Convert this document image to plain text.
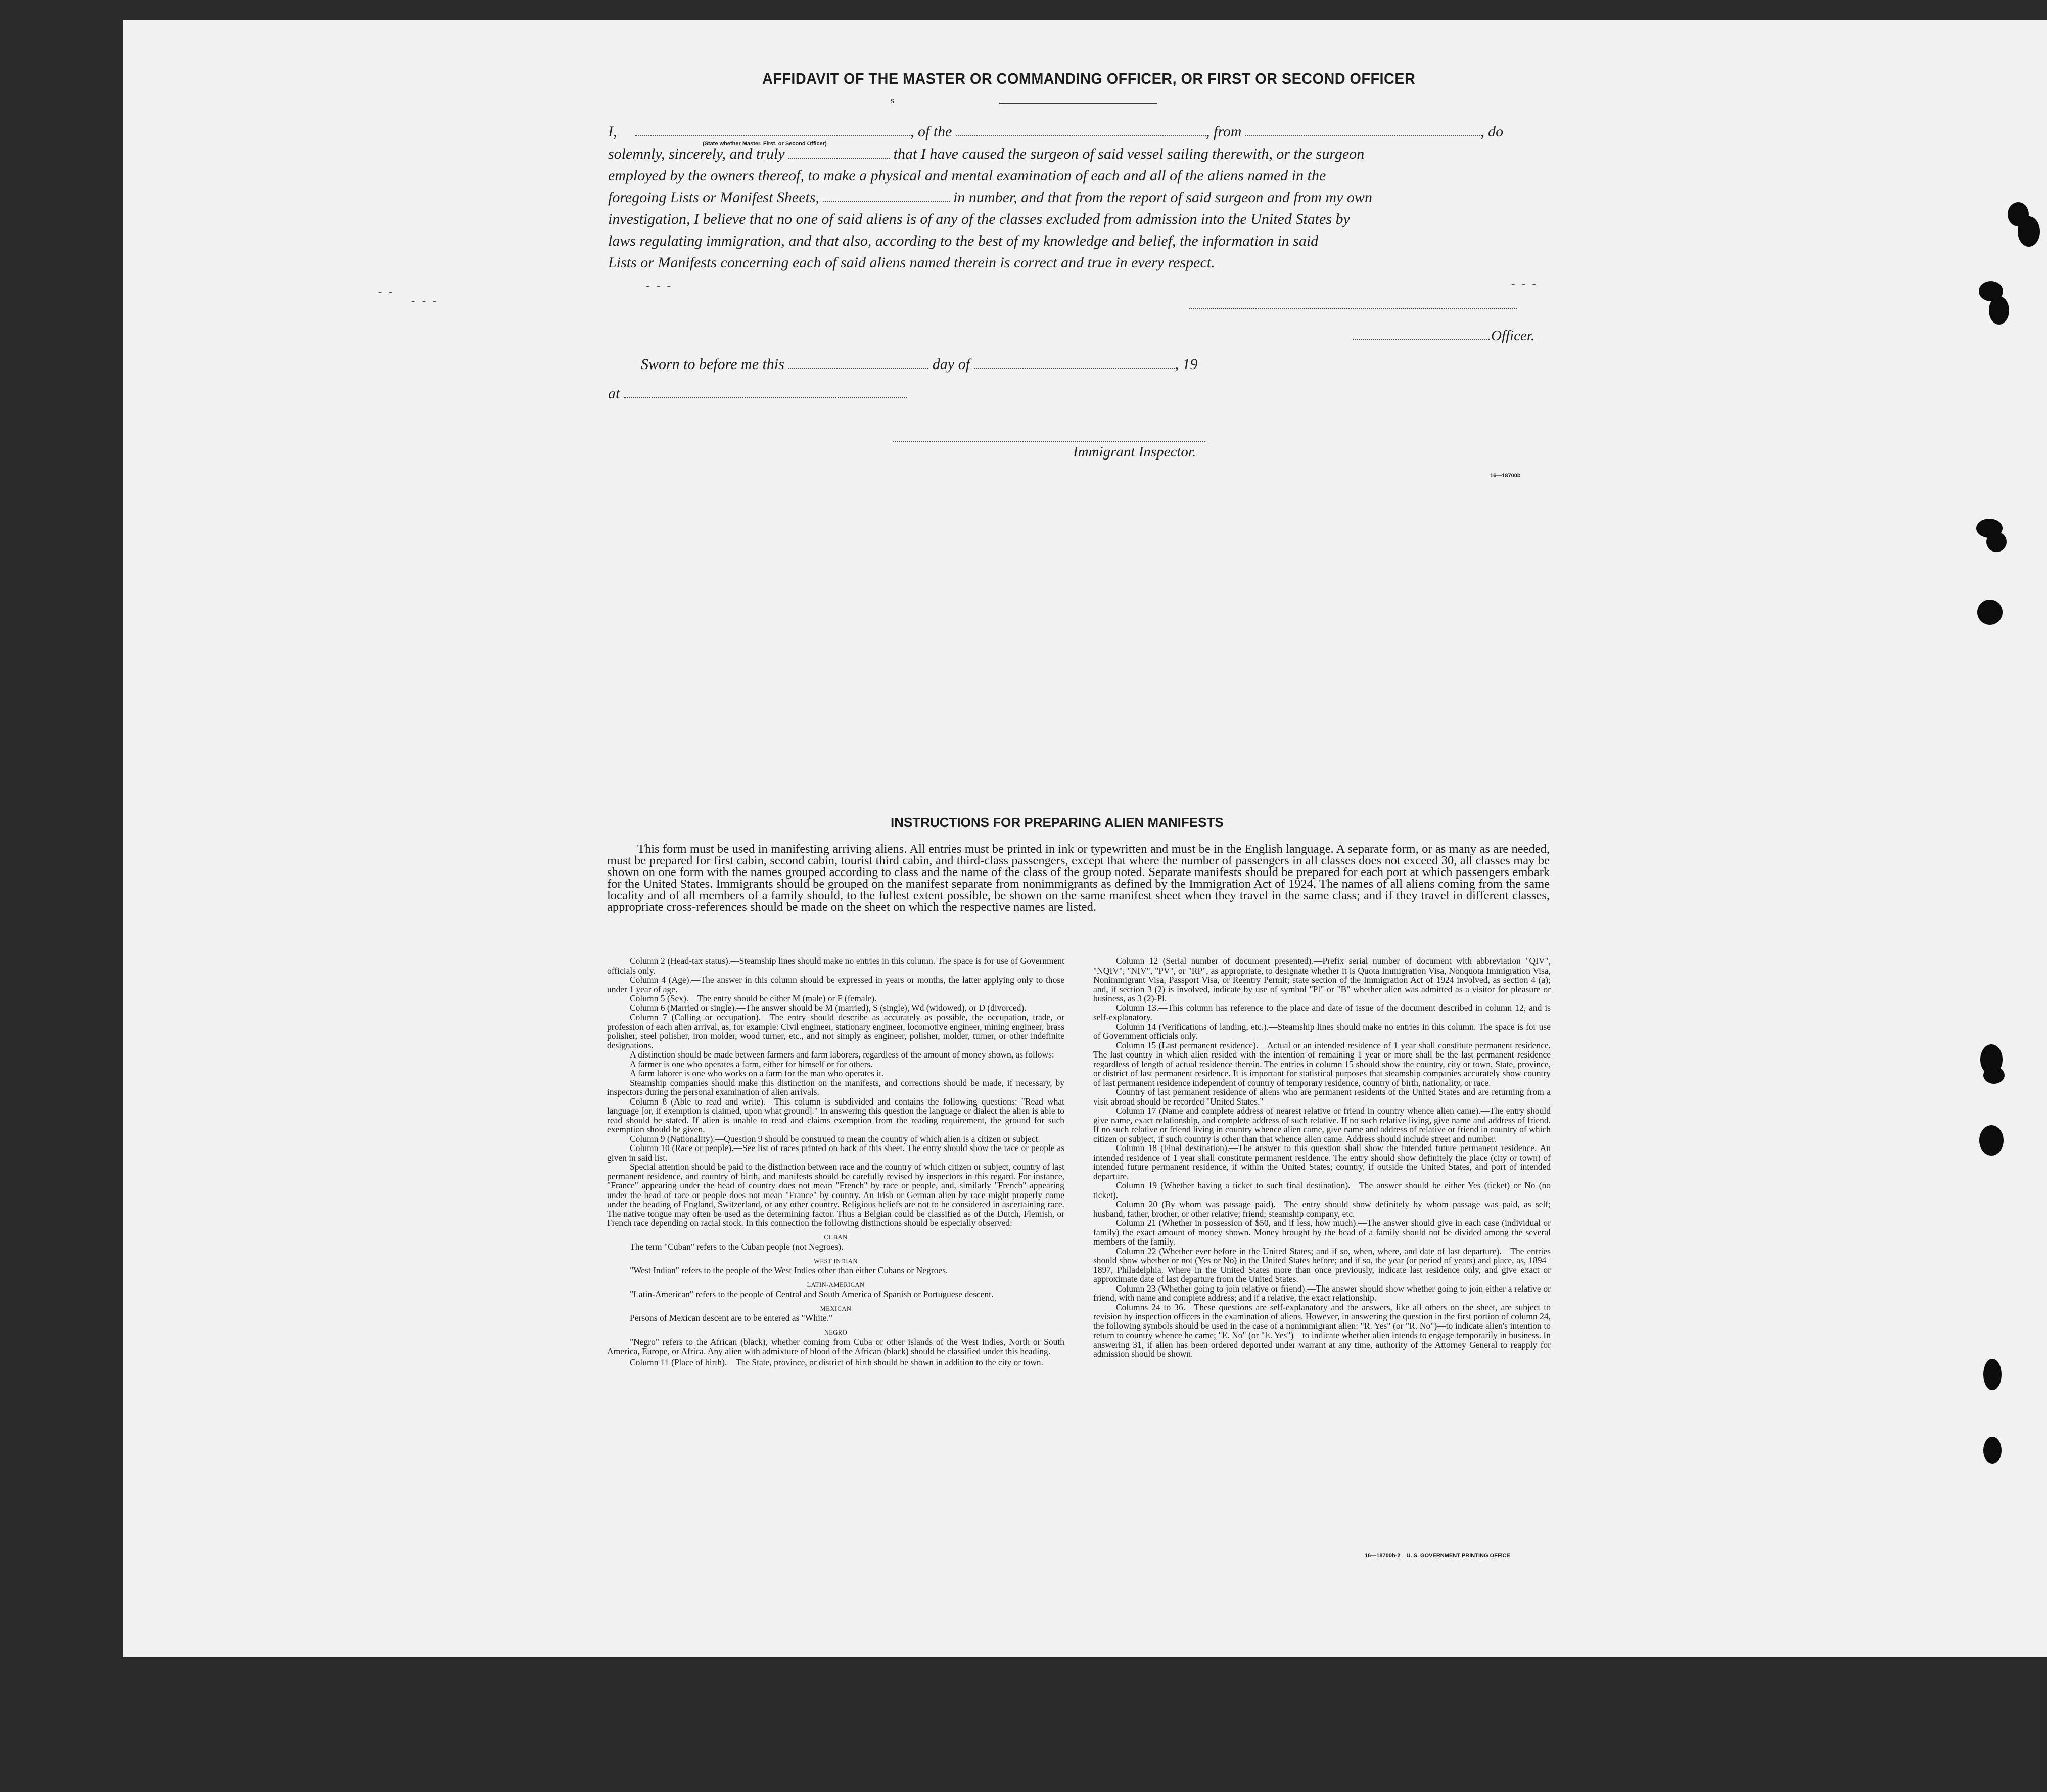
AFFIDAVIT OF THE MASTER OR COMMANDING OFFICER, OR FIRST OR SECOND OFFICER
s
I,	, of the	, from	, do
(State whether Master, First, or Second Officer)
solemnly, sincerely, and truly	that I have caused the surgeon of said vessel sailing therewith, or the surgeon
employed by the owners thereof, to make a physical and mental examination of each and all of the aliens named in the
foregoing Lists or Manifest Sheets,	in number, and that from the report of said surgeon and from my own
investigation, I believe that no one of said aliens is of any of the classes excluded from admission into the United States by
laws regulating immigration, and that also, according to the best of my knowledge and belief, the information in said
Lists or Manifests concerning each of said aliens named therein is correct and true in every respect.
- - -	- - -
- -
- - -
Officer.
Sworn to before me this	day of	, 19
at
Immigrant Inspector.
16—18700b
INSTRUCTIONS FOR PREPARING ALIEN MANIFESTS
This form must be used in manifesting arriving aliens. All entries must be printed in ink or typewritten and must be in the English language. A separate form, or as many as are needed, must be prepared for first cabin, second cabin, tourist third cabin, and third-class passengers, except that where the number of passengers in all classes does not exceed 30, all classes may be shown on one form with the names grouped according to class and the name of the class of the group noted. Separate manifests should be prepared for each port at which passengers embark for the United States. Immigrants should be grouped on the manifest separate from nonimmigrants as defined by the Immigration Act of 1924. The names of all aliens coming from the same locality and of all members of a family should, to the fullest extent possible, be shown on the same manifest sheet when they travel in the same class; and if they travel in different classes, appropriate cross-references should be made on the sheet on which the respective names are listed.

Column 2 (Head-tax status).—Steamship lines should make no entries in this column. The space is for use of Government officials only.

Column 4 (Age).—The answer in this column should be expressed in years or months, the latter applying only to those under 1 year of age.

Column 5 (Sex).—The entry should be either M (male) or F (female).

Column 6 (Married or single).—The answer should be M (married), S (single), Wd (widowed), or D (divorced).

Column 7 (Calling or occupation).—The entry should describe as accurately as possible, the occupation, trade, or profession of each alien arrival, as, for example: Civil engineer, stationary engineer, locomotive engineer, mining engineer, brass polisher, steel polisher, iron molder, wood turner, etc., and not simply as engineer, polisher, molder, turner, or other indefinite designations.

A distinction should be made between farmers and farm laborers, regardless of the amount of money shown, as follows:

A farmer is one who operates a farm, either for himself or for others.

A farm laborer is one who works on a farm for the man who operates it.

Steamship companies should make this distinction on the manifests, and corrections should be made, if necessary, by inspectors during the personal examination of alien arrivals.

Column 8 (Able to read and write).—This column is subdivided and contains the following questions: "Read what language [or, if exemption is claimed, upon what ground]." In answering this question the language or dialect the alien is able to read should be stated. If alien is unable to read and claims exemption from the reading requirement, the ground for such exemption should be given.

Column 9 (Nationality).—Question 9 should be construed to mean the country of which alien is a citizen or subject.

Column 10 (Race or people).—See list of races printed on back of this sheet. The entry should show the race or people as given in said list.

Special attention should be paid to the distinction between race and the country of which citizen or subject, country of last permanent residence, and country of birth, and manifests should be carefully revised by inspectors in this regard. For instance, "France" appearing under the head of country does not mean "French" by race or people, and, similarly "French" appearing under the head of race or people does not mean "France" by country. An Irish or German alien by race might properly come under the heading of England, Switzerland, or any other country. Religious beliefs are not to be considered in ascertaining race. The native tongue may often be used as the determining factor. Thus a Belgian could be classified as of the Dutch, Flemish, or French race depending on racial stock. In this connection the following distinctions should be especially observed:

CUBAN

The term "Cuban" refers to the Cuban people (not Negroes).

WEST INDIAN

"West Indian" refers to the people of the West Indies other than either Cubans or Negroes.

LATIN-AMERICAN

"Latin-American" refers to the people of Central and South America of Spanish or Portuguese descent.

MEXICAN

Persons of Mexican descent are to be entered as "White."

NEGRO

"Negro" refers to the African (black), whether coming from Cuba or other islands of the West Indies, North or South America, Europe, or Africa. Any alien with admixture of blood of the African (black) should be classified under this heading.

Column 11 (Place of birth).—The State, province, or district of birth should be shown in addition to the city or town.

Column 12 (Serial number of document presented).—Prefix serial number of document with abbreviation "QIV", "NQIV", "NIV", "PV", or "RP", as appropriate, to designate whether it is Quota Immigration Visa, Nonquota Immigration Visa, Nonimmigrant Visa, Passport Visa, or Reentry Permit; state section of the Immigration Act of 1924 involved, as section 4 (a); and, if section 3 (2) is involved, indicate by use of symbol "Pl" or "B" whether alien was admitted as a visitor for pleasure or business, as 3 (2)-Pl.

Column 13.—This column has reference to the place and date of issue of the document described in column 12, and is self-explanatory.

Column 14 (Verifications of landing, etc.).—Steamship lines should make no entries in this column. The space is for use of Government officials only.

Column 15 (Last permanent residence).—Actual or an intended residence of 1 year shall constitute permanent residence. The last country in which alien resided with the intention of remaining 1 year or more shall be the last permanent residence regardless of length of actual residence therein. The entries in column 15 should show the country, city or town, State, province, or district of last permanent residence. It is important for statistical purposes that steamship companies accurately show country of last permanent residence independent of country of temporary residence, country of birth, nationality, or race.

Country of last permanent residence of aliens who are permanent residents of the United States and are returning from a visit abroad should be recorded "United States."

Column 17 (Name and complete address of nearest relative or friend in country whence alien came).—The entry should give name, exact relationship, and complete address of such relative. If no such relative living, give name and address of friend. If no such relative or friend living in country whence alien came, give name and address of relative or friend in country of which citizen or subject, if such country is other than that whence alien came. Address should include street and number.

Column 18 (Final destination).—The answer to this question shall show the intended future permanent residence. An intended residence of 1 year shall constitute permanent residence. The entry should show definitely the place (city or town) of intended future permanent residence, if within the United States; country, if outside the United States, and port of intended departure.

Column 19 (Whether having a ticket to such final destination).—The answer should be either Yes (ticket) or No (no ticket).

Column 20 (By whom was passage paid).—The entry should show definitely by whom passage was paid, as self; husband, father, brother, or other relative; friend; steamship company, etc.

Column 21 (Whether in possession of $50, and if less, how much).—The answer should give in each case (individual or family) the exact amount of money shown. Money brought by the head of a family should not be divided among the several members of the family.

Column 22 (Whether ever before in the United States; and if so, when, where, and date of last departure).—The entries should show whether or not (Yes or No) in the United States before; and if so, the year (or period of years) and place, as, 1894–1897, Philadelphia. Where in the United States more than once previously, indicate last residence only, and give exact or approximate date of last departure from the United States.

Column 23 (Whether going to join relative or friend).—The answer should show whether going to join either a relative or friend, with name and complete address; and if a relative, the exact relationship.

Columns 24 to 36.—These questions are self-explanatory and the answers, like all others on the sheet, are subject to revision by inspection officers in the examination of aliens. However, in answering the question in the first portion of column 24, the following symbols should be used in the case of a nonimmigrant alien: "R. Yes" (or "R. No")—to indicate alien's intention to return to country whence he came; "E. No" (or "E. Yes")—to indicate whether alien intends to engage temporarily in business. In answering 31, if alien has been ordered deported under warrant at any time, authority of the Attorney General to reapply for admission should be shown.

16—18700b-2    U. S. GOVERNMENT PRINTING OFFICE
